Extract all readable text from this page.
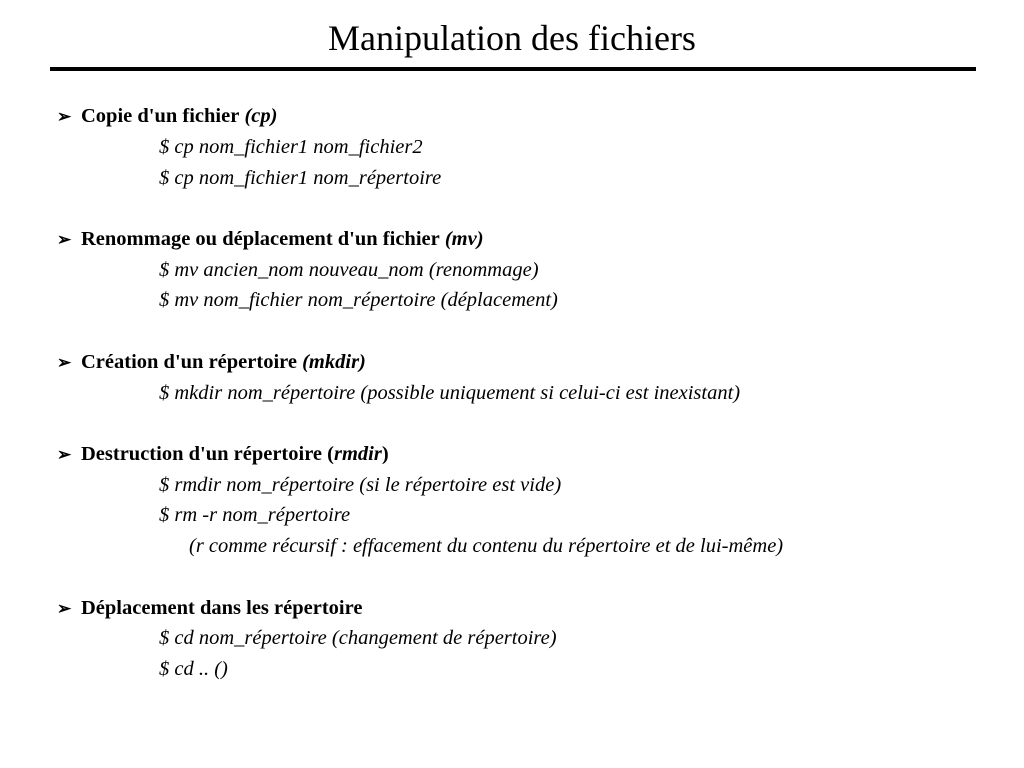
Manipulation des fichiers
➢ Copie d'un fichier (cp)
$ cp nom_fichier1 nom_fichier2
$ cp nom_fichier1 nom_répertoire
➢ Renommage ou déplacement d'un fichier (mv)
$ mv ancien_nom nouveau_nom (renommage)
$ mv nom_fichier nom_répertoire (déplacement)
➢ Création d'un répertoire (mkdir)
$ mkdir nom_répertoire (possible uniquement si celui-ci est inexistant)
➢ Destruction d'un répertoire (rmdir)
$ rmdir nom_répertoire (si le répertoire est vide)
$ rm -r nom_répertoire
(r comme récursif : effacement du contenu du répertoire et de lui-même)
➢ Déplacement dans les répertoire
$ cd nom_répertoire (changement de répertoire)
$ cd .. ()
